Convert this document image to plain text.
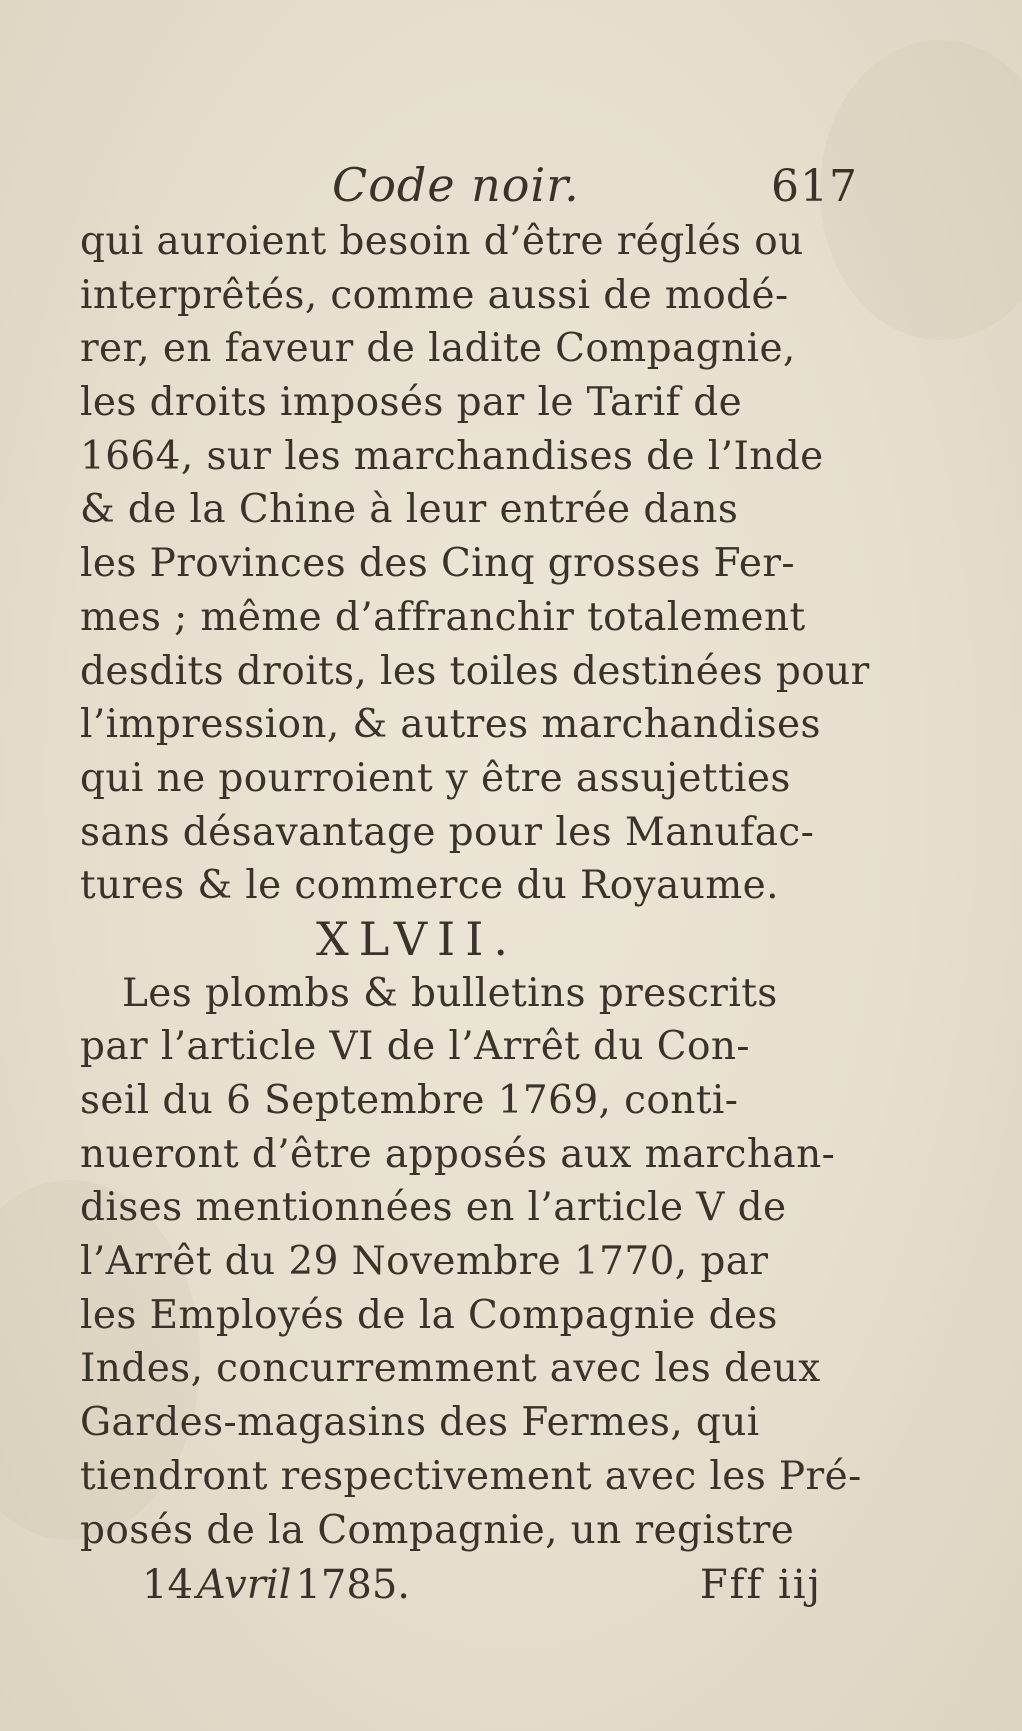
Code noir.	617
qui auroient besoin d’être réglés ou
interprêtés, comme aussi de modé-
rer, en faveur de ladite Compagnie,
les droits imposés par le Tarif de
1664, sur les marchandises de l’Inde
& de la Chine à leur entrée dans
les Provinces des Cinq grosses Fer-
mes ; même d’affranchir totalement
desdits droits, les toiles destinées pour
l’impression, & autres marchandises
qui ne pourroient y être assujetties
sans désavantage pour les Manufac-
tures & le commerce du Royaume.
XLVII.
Les plombs & bulletins prescrits
par l’article VI de l’Arrêt du Con-
seil du 6 Septembre 1769, conti-
nueront d’être apposés aux marchan-
dises mentionnées en l’article V de
l’Arrêt du 29 Novembre 1770, par
les Employés de la Compagnie des
Indes, concurremment avec les deux
Gardes-magasins des Fermes, qui
tiendront respectivement avec les Pré-
posés de la Compagnie, un registre
14 Avril 1785.	Fff iij
